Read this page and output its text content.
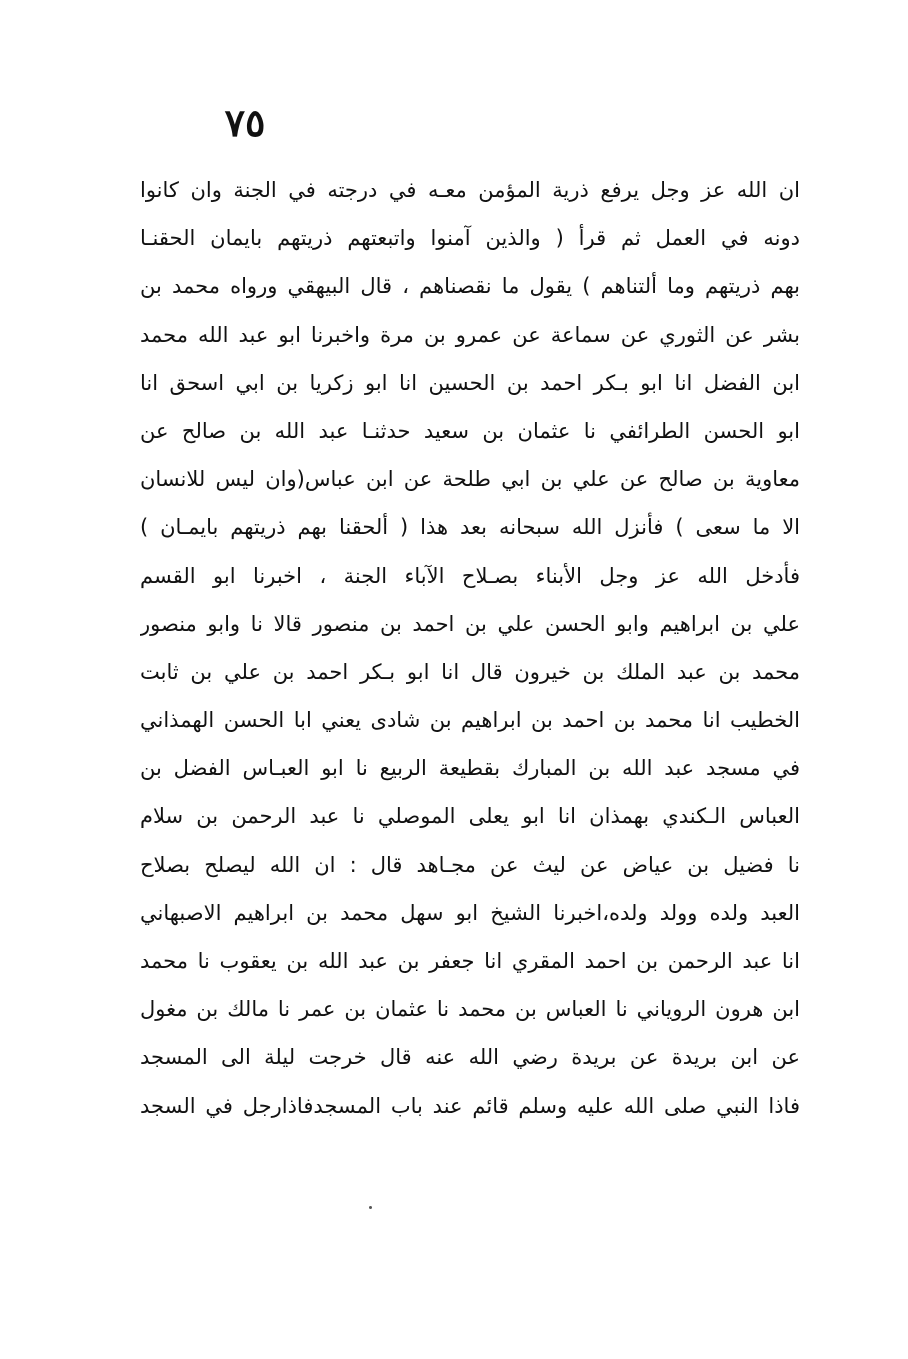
٧٥
ان الله عز وجل يرفع ذرية المؤمن معـه في درجته في الجنة وان كانوا
دونه في العمل ثم قرأ ( والذين آمنوا واتبعتهم ذريتهم بايمان الحقنـا
بهم ذريتهم وما ألتناهم ) يقول ما نقصناهم ، قال البيهقي ورواه محمد بن
بشر عن الثوري عن سماعة عن عمرو بن مرة واخبرنا ابو عبد الله محمد
ابن الفضل انا ابو بـكر احمد بن الحسين انا ابو زكريا بن ابي اسحق انا
ابو الحسن الطرائفي نا عثمان بن سعيد حدثنـا عبد الله بن صالح عن
معاوية بن صالح عن علي بن ابي طلحة عن ابن عباس(وان ليس للانسان
الا ما سعى ) فأنزل الله سبحانه بعد هذا ( ألحقنا بهم ذريتهم بايمـان )
فأدخل الله عز وجل الأبناء بصـلاح الآباء الجنة ، اخبرنا ابو القسم
علي بن ابراهيم وابو الحسن علي بن احمد بن منصور قالا نا وابو منصور
محمد بن عبد الملك بن خيرون قال انا ابو بـكر احمد بن علي بن ثابت
الخطيب انا محمد بن احمد بن ابراهيم بن شادى يعني ابا الحسن الهمذاني
في مسجد عبد الله بن المبارك بقطيعة الربيع نا ابو العبـاس الفضل بن
العباس الـكندي بهمذان انا ابو يعلى الموصلي نا عبد الرحمن بن سلام
نا فضيل بن عياض عن ليث عن مجـاهد قال : ان الله ليصلح بصلاح
العبد ولده وولد ولده،اخبرنا الشيخ ابو سهل محمد بن ابراهيم الاصبهاني
انا عبد الرحمن بن احمد المقري انا جعفر بن عبد الله بن يعقوب نا محمد
ابن هرون الروياني نا العباس بن محمد نا عثمان بن عمر نا مالك بن مغول
عن ابن بريدة عن بريدة رضي الله عنه قال خرجت ليلة الى المسجد
فاذا النبي صلى الله عليه وسلم قائم عند باب المسجدفاذارجل في السجد
